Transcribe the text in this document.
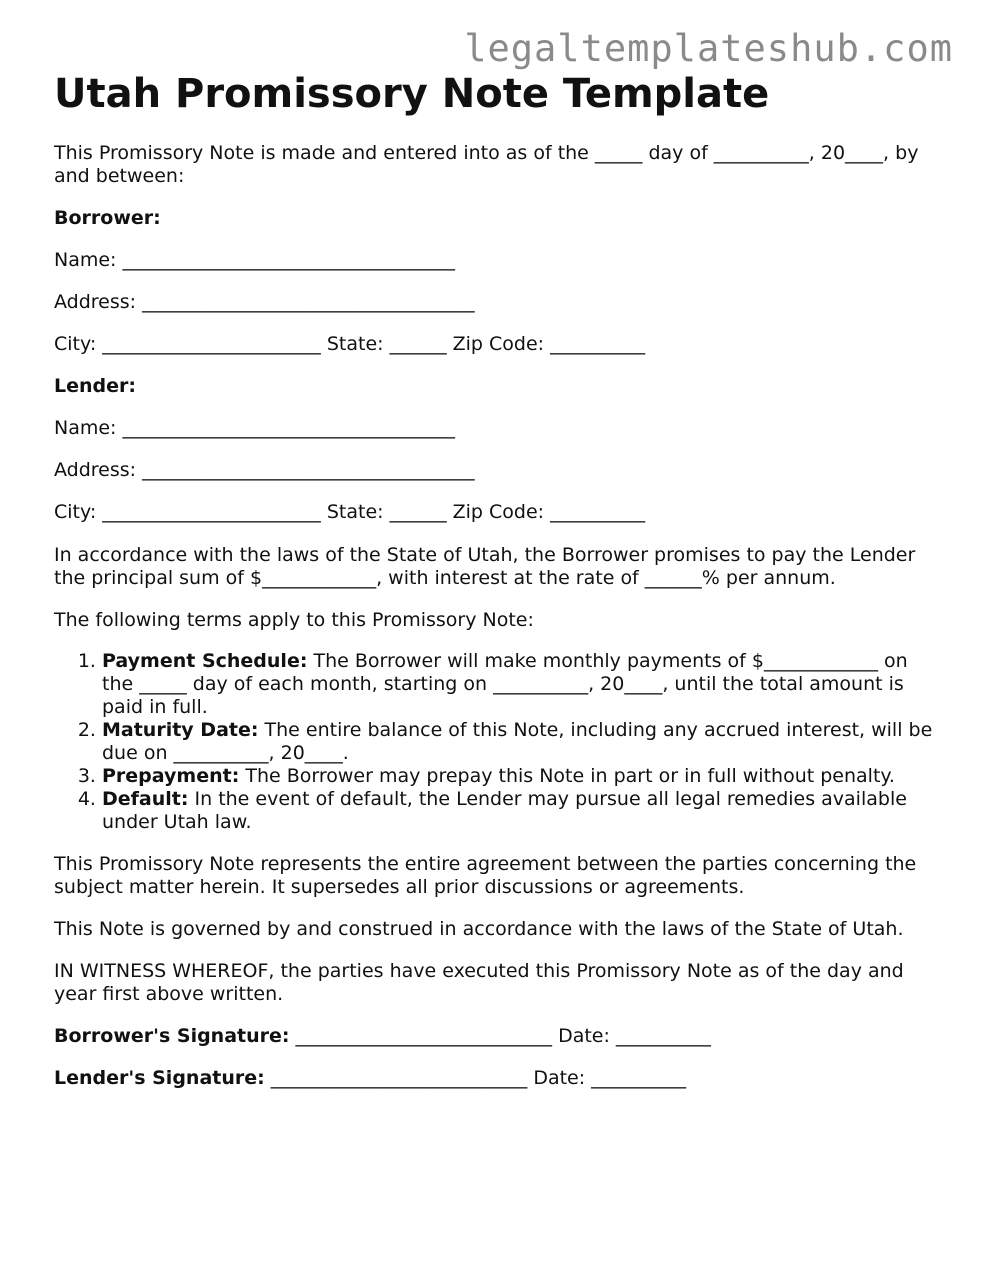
legaltemplateshub.com
Utah Promissory Note Template

This Promissory Note is made and entered into as of the _____ day of __________, 20____, by and between:

Borrower:

Name: ___________________________________

Address: ___________________________________

City: _______________________ State: ______ Zip Code: __________

Lender:

Name: ___________________________________

Address: ___________________________________

City: _______________________ State: ______ Zip Code: __________

In accordance with the laws of the State of Utah, the Borrower promises to pay the Lender the principal sum of $____________, with interest at the rate of ______% per annum.

The following terms apply to this Promissory Note:

1. Payment Schedule: The Borrower will make monthly payments of $____________ on the _____ day of each month, starting on __________, 20____, until the total amount is paid in full.
2. Maturity Date: The entire balance of this Note, including any accrued interest, will be due on __________, 20____.
3. Prepayment: The Borrower may prepay this Note in part or in full without penalty.
4. Default: In the event of default, the Lender may pursue all legal remedies available under Utah law.

This Promissory Note represents the entire agreement between the parties concerning the subject matter herein. It supersedes all prior discussions or agreements.

This Note is governed by and construed in accordance with the laws of the State of Utah.

IN WITNESS WHEREOF, the parties have executed this Promissory Note as of the day and year first above written.

Borrower's Signature: ___________________________ Date: __________

Lender's Signature: ___________________________ Date: __________
